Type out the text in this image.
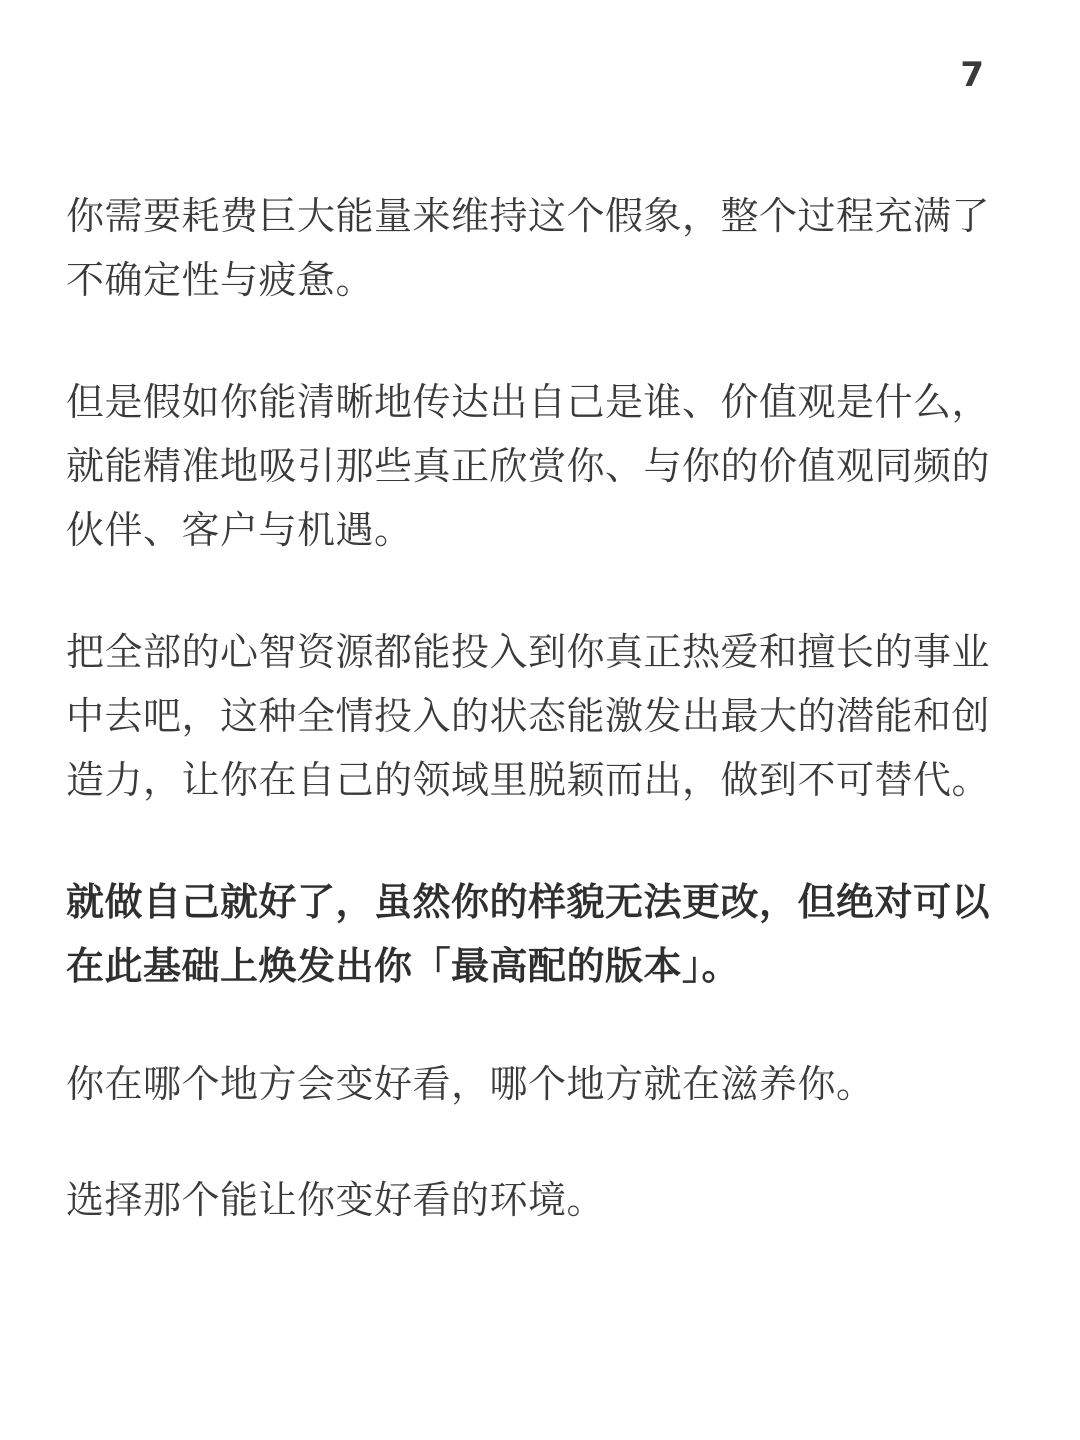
7

你需要耗费巨大能量来维持这个假象，整个过程充满了不确定性与疲惫。

但是假如你能清晰地传达出自己是谁、价值观是什么，就能精准地吸引那些真正欣赏你、与你的价值观同频的伙伴、客户与机遇。

把全部的心智资源都能投入到你真正热爱和擅长的事业中去吧，这种全情投入的状态能激发出最大的潜能和创造力，让你在自己的领域里脱颖而出，做到不可替代。

就做自己就好了，虽然你的样貌无法更改，但绝对可以在此基础上焕发出你「最高配的版本」。

你在哪个地方会变好看，哪个地方就在滋养你。

选择那个能让你变好看的环境。
